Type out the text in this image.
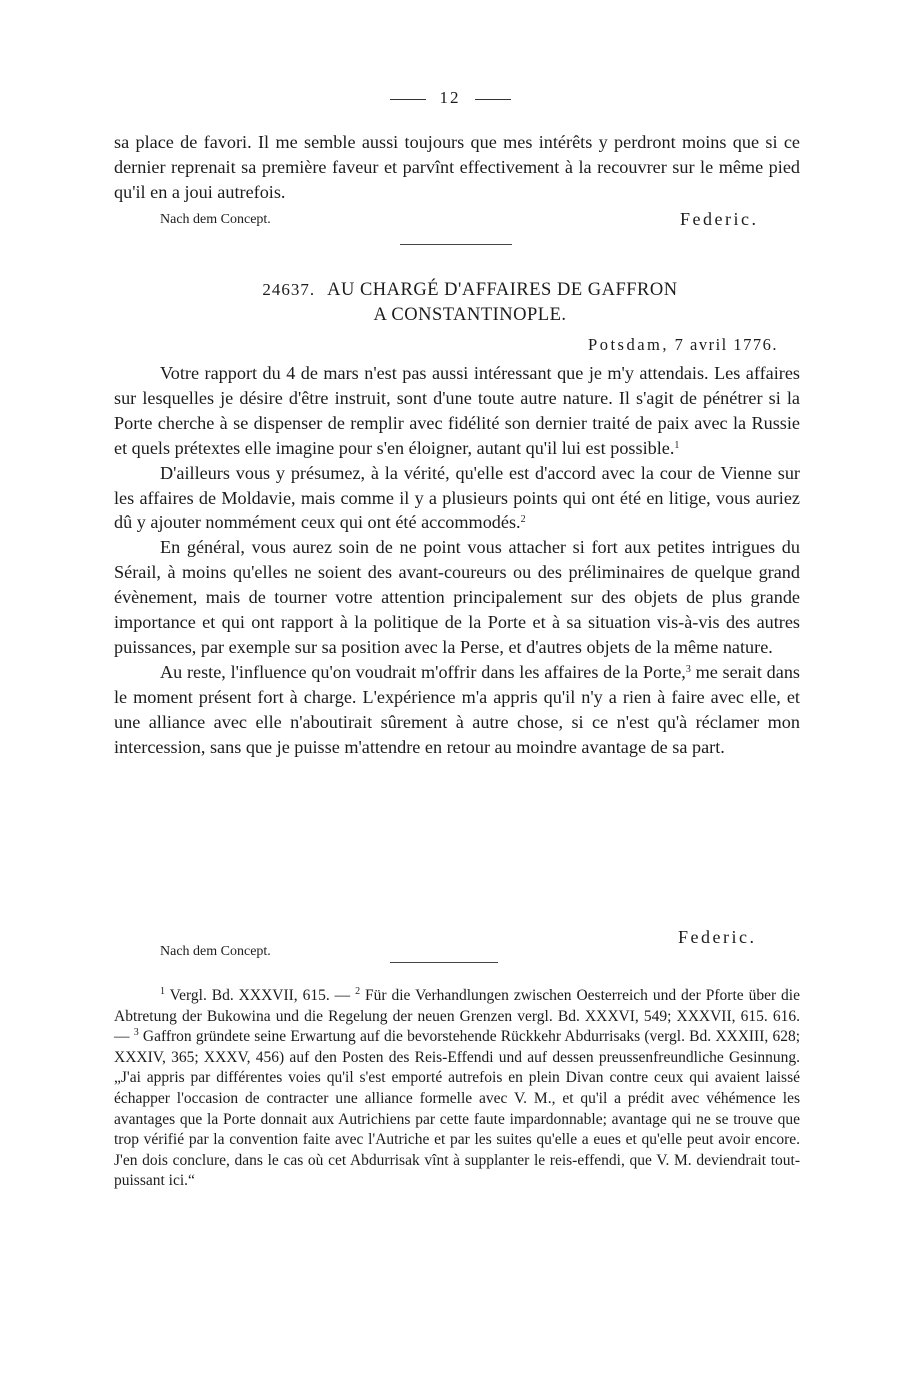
12

sa place de favori. Il me semble aussi toujours que mes intérêts y perdront moins que si ce dernier reprenait sa première faveur et parvînt effectivement à la recouvrer sur le même pied qu'il en a joui autrefois.

Nach dem Concept.	Federic.
24637. AU CHARGÉ D'AFFAIRES DE GAFFRON
A CONSTANTINOPLE.
Potsdam, 7 avril 1776.

Votre rapport du 4 de mars n'est pas aussi intéressant que je m'y attendais. Les affaires sur lesquelles je désire d'être instruit, sont d'une toute autre nature. Il s'agit de pénétrer si la Porte cherche à se dispenser de remplir avec fidélité son dernier traité de paix avec la Russie et quels prétextes elle imagine pour s'en éloigner, autant qu'il lui est possible.$^1$

D'ailleurs vous y présumez, à la vérité, qu'elle est d'accord avec la cour de Vienne sur les affaires de Moldavie, mais comme il y a plusieurs points qui ont été en litige, vous auriez dû y ajouter nommément ceux qui ont été accommodés.$^2$

En général, vous aurez soin de ne point vous attacher si fort aux petites intrigues du Sérail, à moins qu'elles ne soient des avant-coureurs ou des préliminaires de quelque grand évènement, mais de tourner votre attention principalement sur des objets de plus grande importance et qui ont rapport à la politique de la Porte et à sa situation vis-à-vis des autres puissances, par exemple sur sa position avec la Perse, et d'autres objets de la même nature.

Au reste, l'influence qu'on voudrait m'offrir dans les affaires de la Porte,$^3$ me serait dans le moment présent fort à charge. L'expérience m'a appris qu'il n'y a rien à faire avec elle, et une alliance avec elle n'aboutirait sûrement à autre chose, si ce n'est qu'à réclamer mon intercession, sans que je puisse m'attendre en retour au moindre avantage de sa part.

Federic.
Nach dem Concept.

$^1$ Vergl. Bd. XXXVII, 615. — $^2$ Für die Verhandlungen zwischen Oesterreich und der Pforte über die Abtretung der Bukowina und die Regelung der neuen Grenzen vergl. Bd. XXXVI, 549; XXXVII, 615. 616. — $^3$ Gaffron gründete seine Erwartung auf die bevorstehende Rückkehr Abdurrisaks (vergl. Bd. XXXIII, 628; XXXIV, 365; XXXV, 456) auf den Posten des Reis-Effendi und auf dessen preussenfreundliche Gesinnung. „J'ai appris par différentes voies qu'il s'est emporté autrefois en plein Divan contre ceux qui avaient laissé échapper l'occasion de contracter une alliance formelle avec V. M., et qu'il a prédit avec véhémence les avantages que la Porte donnait aux Autrichiens par cette faute impardonnable; avantage qui ne se trouve que trop vérifié par la convention faite avec l'Autriche et par les suites qu'elle a eues et qu'elle peut avoir encore. J'en dois conclure, dans le cas où cet Abdurrisak vînt à supplanter le reis-effendi, que V. M. deviendrait tout-puissant ici.“
